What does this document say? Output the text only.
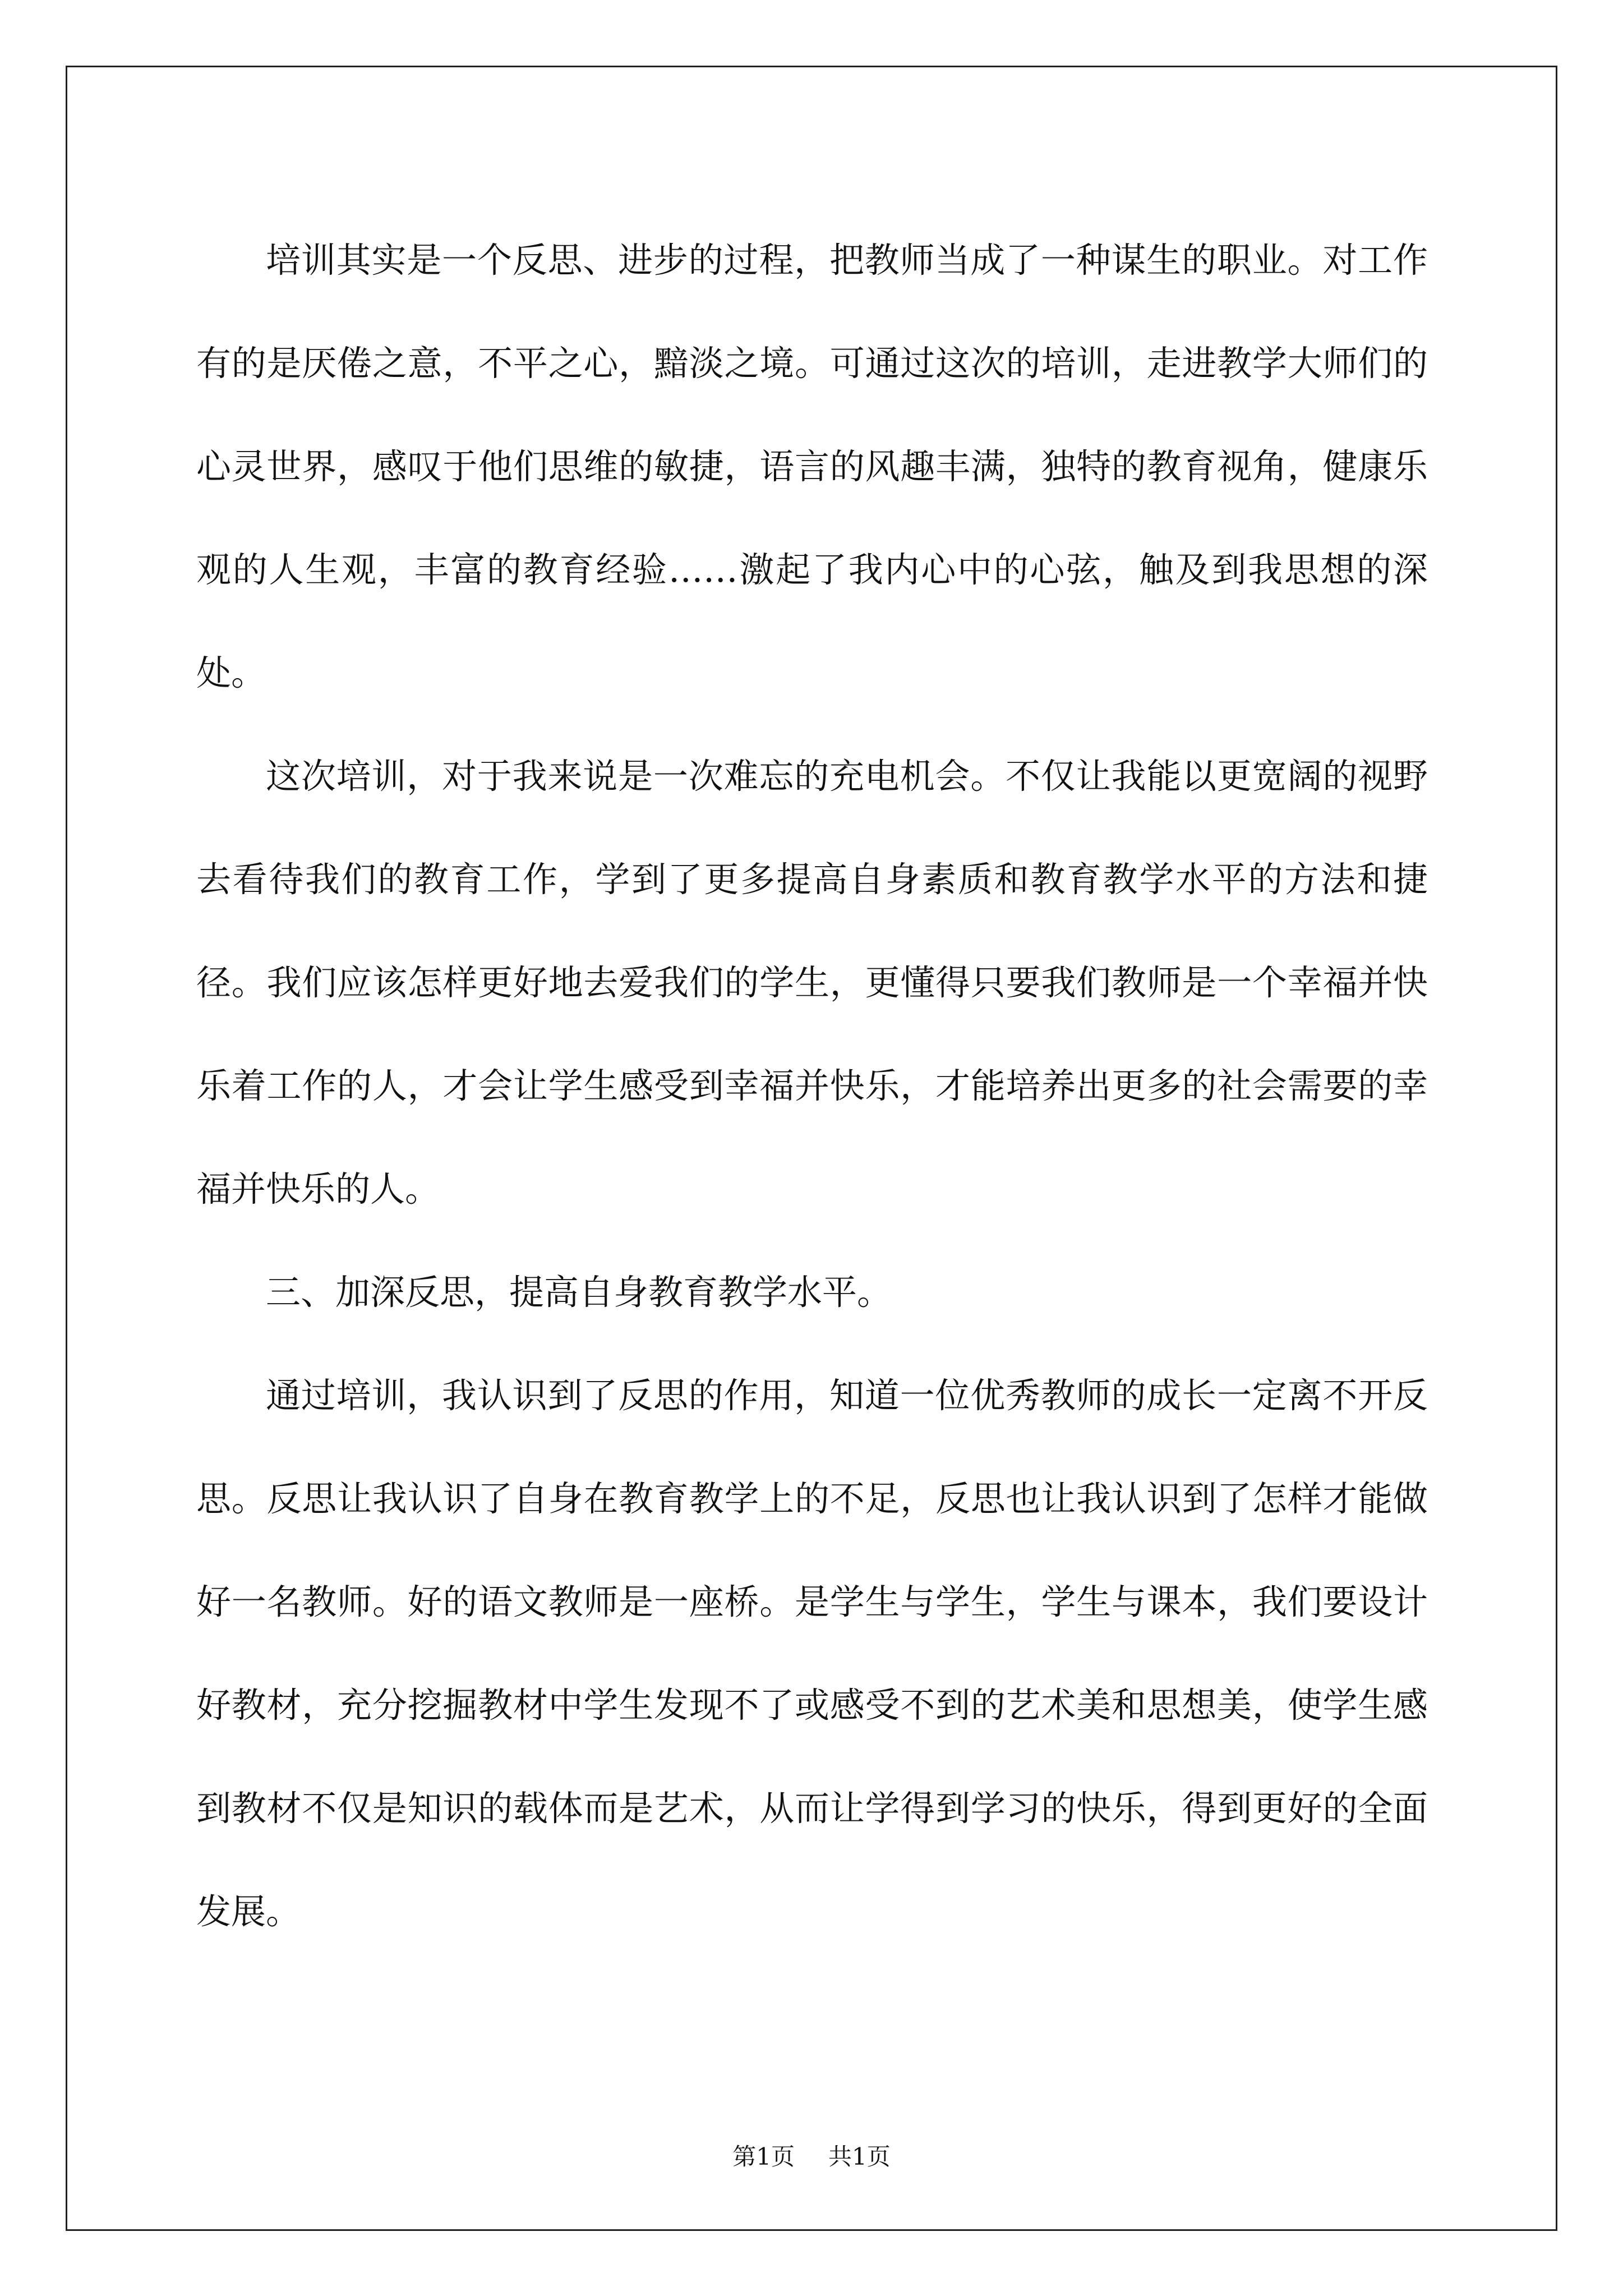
培训其实是一个反思、进步的过程，把教师当成了一种谋生的职业。对工作有的是厌倦之意，不平之心，黯淡之境。可通过这次的培训，走进教学大师们的心灵世界，感叹于他们思维的敏捷，语言的风趣丰满，独特的教育视角，健康乐观的人生观，丰富的教育经验……激起了我内心中的心弦，触及到我思想的深处。

这次培训，对于我来说是一次难忘的充电机会。不仅让我能以更宽阔的视野去看待我们的教育工作，学到了更多提高自身素质和教育教学水平的方法和捷径。我们应该怎样更好地去爱我们的学生，更懂得只要我们教师是一个幸福并快乐着工作的人，才会让学生感受到幸福并快乐，才能培养出更多的社会需要的幸福并快乐的人。

三、加深反思，提高自身教育教学水平。

通过培训，我认识到了反思的作用，知道一位优秀教师的成长一定离不开反思。反思让我认识了自身在教育教学上的不足，反思也让我认识到了怎样才能做好一名教师。好的语文教师是一座桥。是学生与学生，学生与课本，我们要设计好教材，充分挖掘教材中学生发现不了或感受不到的艺术美和思想美，使学生感到教材不仅是知识的载体而是艺术，从而让学得到学习的快乐，得到更好的全面发展。

第1页 共1页
